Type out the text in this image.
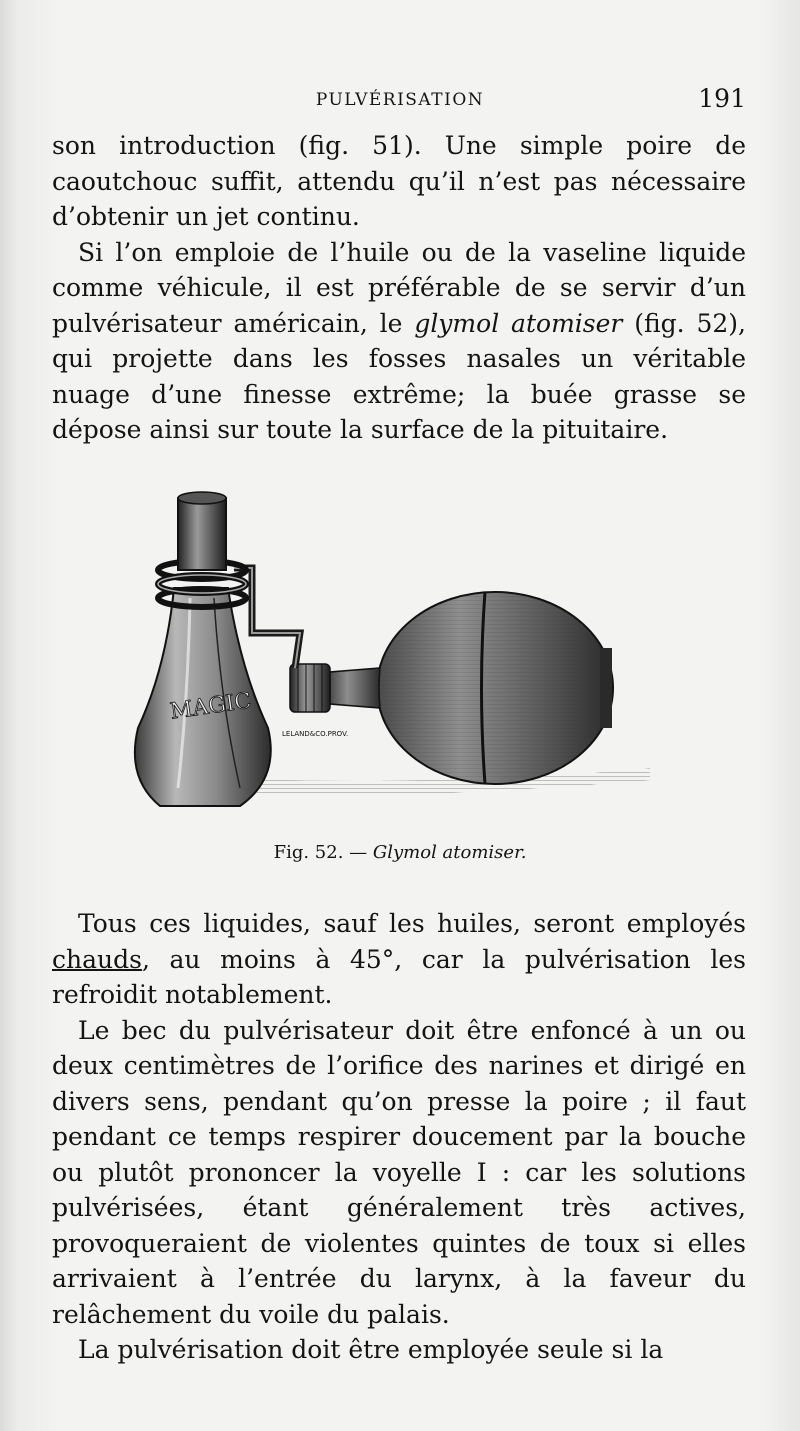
PULVÉRISATION	191

son introduction (fig. 51). Une simple poire de caoutchouc suffit, attendu qu’il n’est pas nécessaire d’obtenir un jet continu.

Si l’on emploie de l’huile ou de la vaseline liquide comme véhicule, il est préférable de se servir d’un pulvérisateur américain, le glymol atomiser (fig. 52), qui projette dans les fosses nasales un véritable nuage d’une finesse extrême; la buée grasse se dépose ainsi sur toute la surface de la pituitaire.

MAGIC
LELAND&CO.PROV.
Fig. 52. — Glymol atomiser.

Tous ces liquides, sauf les huiles, seront employés chauds, au moins à 45°, car la pulvérisation les refroidit notablement.

Le bec du pulvérisateur doit être enfoncé à un ou deux centimètres de l’orifice des narines et dirigé en divers sens, pendant qu’on presse la poire ; il faut pendant ce temps respirer doucement par la bouche ou plutôt prononcer la voyelle I : car les solutions pulvérisées, étant généralement très actives, provoqueraient de violentes quintes de toux si elles arrivaient à l’entrée du larynx, à la faveur du relâchement du voile du palais.

La pulvérisation doit être employée seule si la
